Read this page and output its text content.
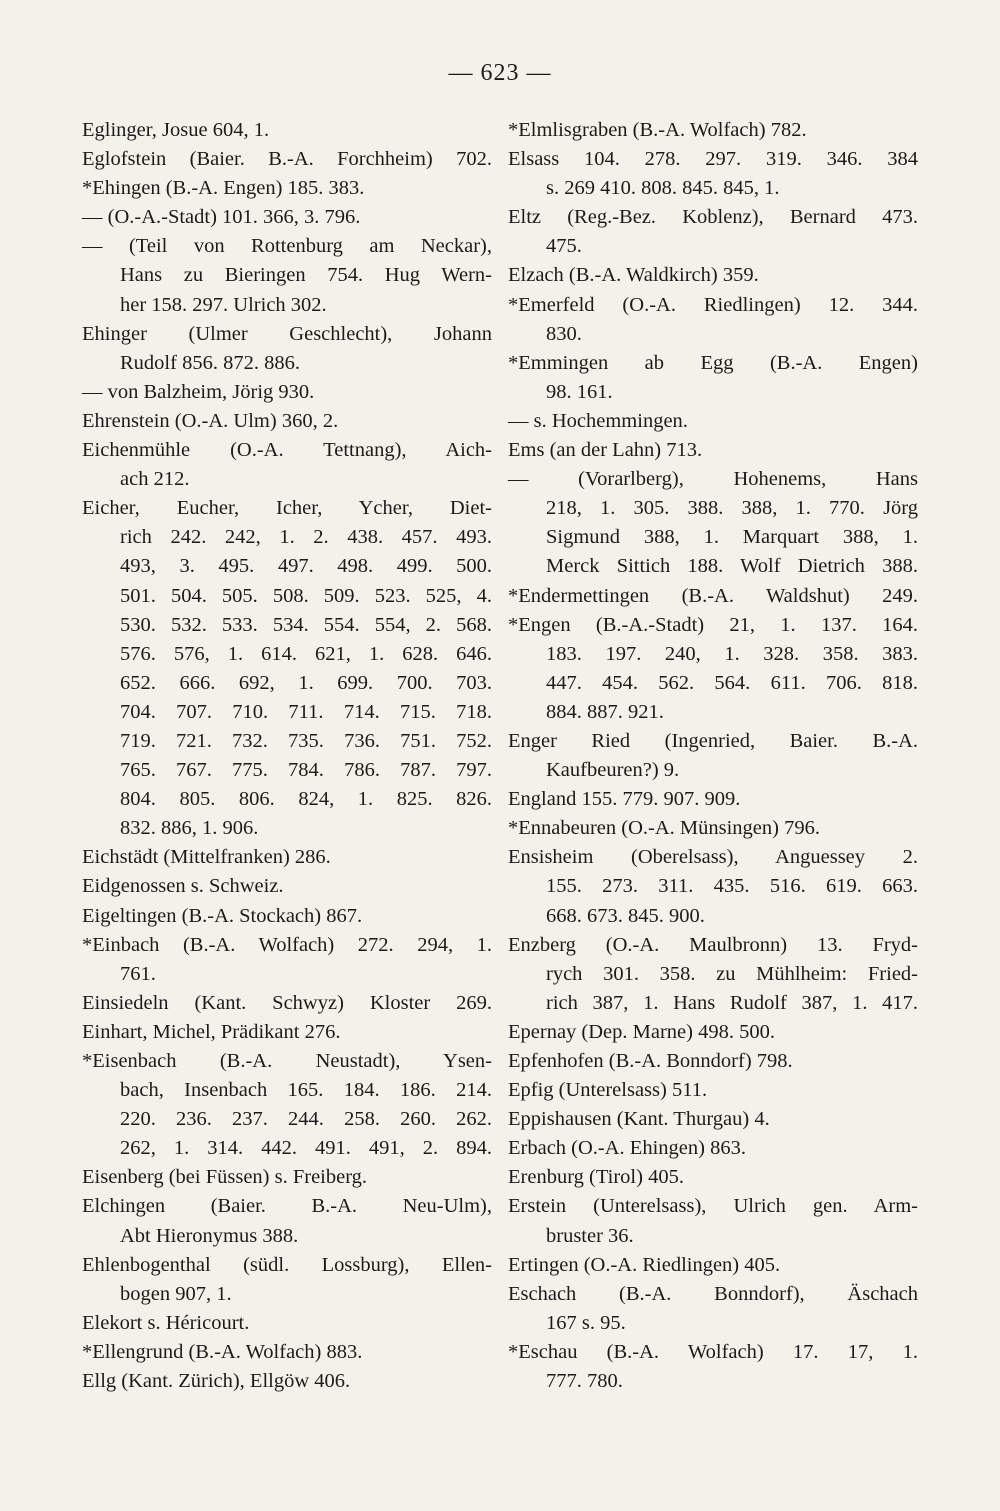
— 623 —
Eglinger, Josue 604, 1.
Eglofstein (Baier. B.-A. Forchheim) 702.
*Ehingen (B.-A. Engen) 185. 383.
— (O.-A.-Stadt) 101. 366, 3. 796.
— (Teil von Rottenburg am Neckar),
Hans zu Bieringen 754. Hug Wern-
her 158. 297. Ulrich 302.
Ehinger (Ulmer Geschlecht), Johann
Rudolf 856. 872. 886.
— von Balzheim, Jörig 930.
Ehrenstein (O.-A. Ulm) 360, 2.
Eichenmühle (O.-A. Tettnang), Aich-
ach 212.
Eicher, Eucher, Icher, Ycher, Diet-
rich 242. 242, 1. 2. 438. 457. 493.
493, 3. 495. 497. 498. 499. 500.
501. 504. 505. 508. 509. 523. 525, 4.
530. 532. 533. 534. 554. 554, 2. 568.
576. 576, 1. 614. 621, 1. 628. 646.
652. 666. 692, 1. 699. 700. 703.
704. 707. 710. 711. 714. 715. 718.
719. 721. 732. 735. 736. 751. 752.
765. 767. 775. 784. 786. 787. 797.
804. 805. 806. 824, 1. 825. 826.
832. 886, 1. 906.
Eichstädt (Mittelfranken) 286.
Eidgenossen s. Schweiz.
Eigeltingen (B.-A. Stockach) 867.
*Einbach (B.-A. Wolfach) 272. 294, 1.
761.
Einsiedeln (Kant. Schwyz) Kloster 269.
Einhart, Michel, Prädikant 276.
*Eisenbach (B.-A. Neustadt), Ysen-
bach, Insenbach 165. 184. 186. 214.
220. 236. 237. 244. 258. 260. 262.
262, 1. 314. 442. 491. 491, 2. 894.
Eisenberg (bei Füssen) s. Freiberg.
Elchingen (Baier. B.-A. Neu-Ulm),
Abt Hieronymus 388.
Ehlenbogenthal (südl. Lossburg), Ellen-
bogen 907, 1.
Elekort s. Héricourt.
*Ellengrund (B.-A. Wolfach) 883.
Ellg (Kant. Zürich), Ellgöw 406.
*Elmlisgraben (B.-A. Wolfach) 782.
Elsass 104. 278. 297. 319. 346. 384
s. 269 410. 808. 845. 845, 1.
Eltz (Reg.-Bez. Koblenz), Bernard 473.
475.
Elzach (B.-A. Waldkirch) 359.
*Emerfeld (O.-A. Riedlingen) 12. 344.
830.
*Emmingen ab Egg (B.-A. Engen)
98. 161.
— s. Hochemmingen.
Ems (an der Lahn) 713.
— (Vorarlberg), Hohenems, Hans
218, 1. 305. 388. 388, 1. 770. Jörg
Sigmund 388, 1. Marquart 388, 1.
Merck Sittich 188. Wolf Dietrich 388.
*Endermettingen (B.-A. Waldshut) 249.
*Engen (B.-A.-Stadt) 21, 1. 137. 164.
183. 197. 240, 1. 328. 358. 383.
447. 454. 562. 564. 611. 706. 818.
884. 887. 921.
Enger Ried (Ingenried, Baier. B.-A.
Kaufbeuren?) 9.
England 155. 779. 907. 909.
*Ennabeuren (O.-A. Münsingen) 796.
Ensisheim (Oberelsass), Anguessey 2.
155. 273. 311. 435. 516. 619. 663.
668. 673. 845. 900.
Enzberg (O.-A. Maulbronn) 13. Fryd-
rych 301. 358. zu Mühlheim: Fried-
rich 387, 1. Hans Rudolf 387, 1. 417.
Epernay (Dep. Marne) 498. 500.
Epfenhofen (B.-A. Bonndorf) 798.
Epfig (Unterelsass) 511.
Eppishausen (Kant. Thurgau) 4.
Erbach (O.-A. Ehingen) 863.
Erenburg (Tirol) 405.
Erstein (Unterelsass), Ulrich gen. Arm-
bruster 36.
Ertingen (O.-A. Riedlingen) 405.
Eschach (B.-A. Bonndorf), Äschach
167 s. 95.
*Eschau (B.-A. Wolfach) 17. 17, 1.
777. 780.
